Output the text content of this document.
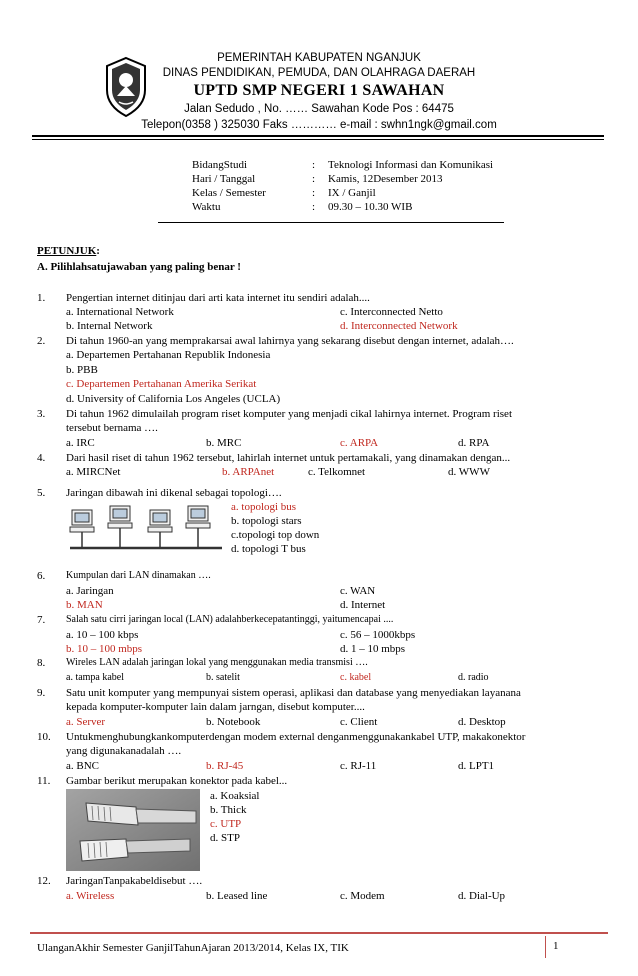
PEMERINTAH KABUPATEN NGANJUK
DINAS PENDIDIKAN, PEMUDA, DAN OLAHRAGA DAERAH
UPTD SMP NEGERI 1 SAWAHAN
Jalan Sedudo , No. …… Sawahan Kode Pos : 64475
Telepon(0358 ) 325030 Faks ………… e-mail : swhn1ngk@gmail.com
BidangStudi	: Teknologi Informasi dan Komunikasi
Hari / Tanggal	: Kamis, 12Desember 2013
Kelas / Semester	: IX / Ganjil
Waktu	: 09.30 – 10.30 WIB
PETUNJUK:
A. Pilihlahsatujawaban yang paling benar !
1. Pengertian internet ditinjau dari arti kata internet itu sendiri adalah....
a. International Network	c. Interconnected Netto
b. Internal Network	d. Interconnected Network
2. Di tahun 1960-an yang memprakarsai awal lahirnya yang sekarang disebut dengan internet, adalah….
a. Departemen Pertahanan Republik Indonesia
b. PBB
c. Departemen Pertahanan Amerika Serikat
d. University of California Los Angeles (UCLA)
3. Di tahun 1962 dimulailah program riset komputer yang menjadi cikal lahirnya internet. Program riset
tersebut bernama ….
a. IRC	b. MRC	c. ARPA	d. RPA
4. Dari hasil riset di tahun 1962 tersebut, lahirlah internet untuk pertamakali, yang dinamakan dengan...
a. MIRCNet	b. ARPAnet	c. Telkomnet	d. WWW
5. Jaringan dibawah ini dikenal sebagai topologi….
a. topologi bus
b. topologi stars
c.topologi top down
d. topologi T bus
6. Kumpulan dari LAN dinamakan ….
a. Jaringan	c. WAN
b. MAN	d. Internet
7. Salah satu cirri jaringan local (LAN) adalahberkecepatantinggi, yaitumencapai ....
a. 10 – 100 kbps	c. 56 – 1000kbps
b. 10 – 100 mbps	d. 1 – 10 mbps
8. Wireles LAN adalah jaringan lokal yang menggunakan media transmisi ….
a. tampa kabel	b. satelit	c. kabel	d. radio
9. Satu unit komputer yang mempunyai sistem operasi, aplikasi dan database yang menyediakan layanana
kepada komputer-komputer lain dalam jarngan, disebut komputer....
a. Server	b. Notebook	c. Client	d. Desktop
10. Untukmenghubungkankomputerdengan modem external denganmenggunakankabel UTP, makakonektor
yang digunakanadalah ….
a. BNC	b. RJ-45	c. RJ-11	d. LPT1
11. Gambar berikut merupakan konektor pada kabel...
a. Koaksial
b. Thick
c. UTP
d. STP
12. JaringanTanpakabeldisebut ….
a. Wireless	b. Leased line	c. Modem	d. Dial-Up
UlanganAkhir Semester GanjilTahunAjaran 2013/2014, Kelas IX, TIK	1
